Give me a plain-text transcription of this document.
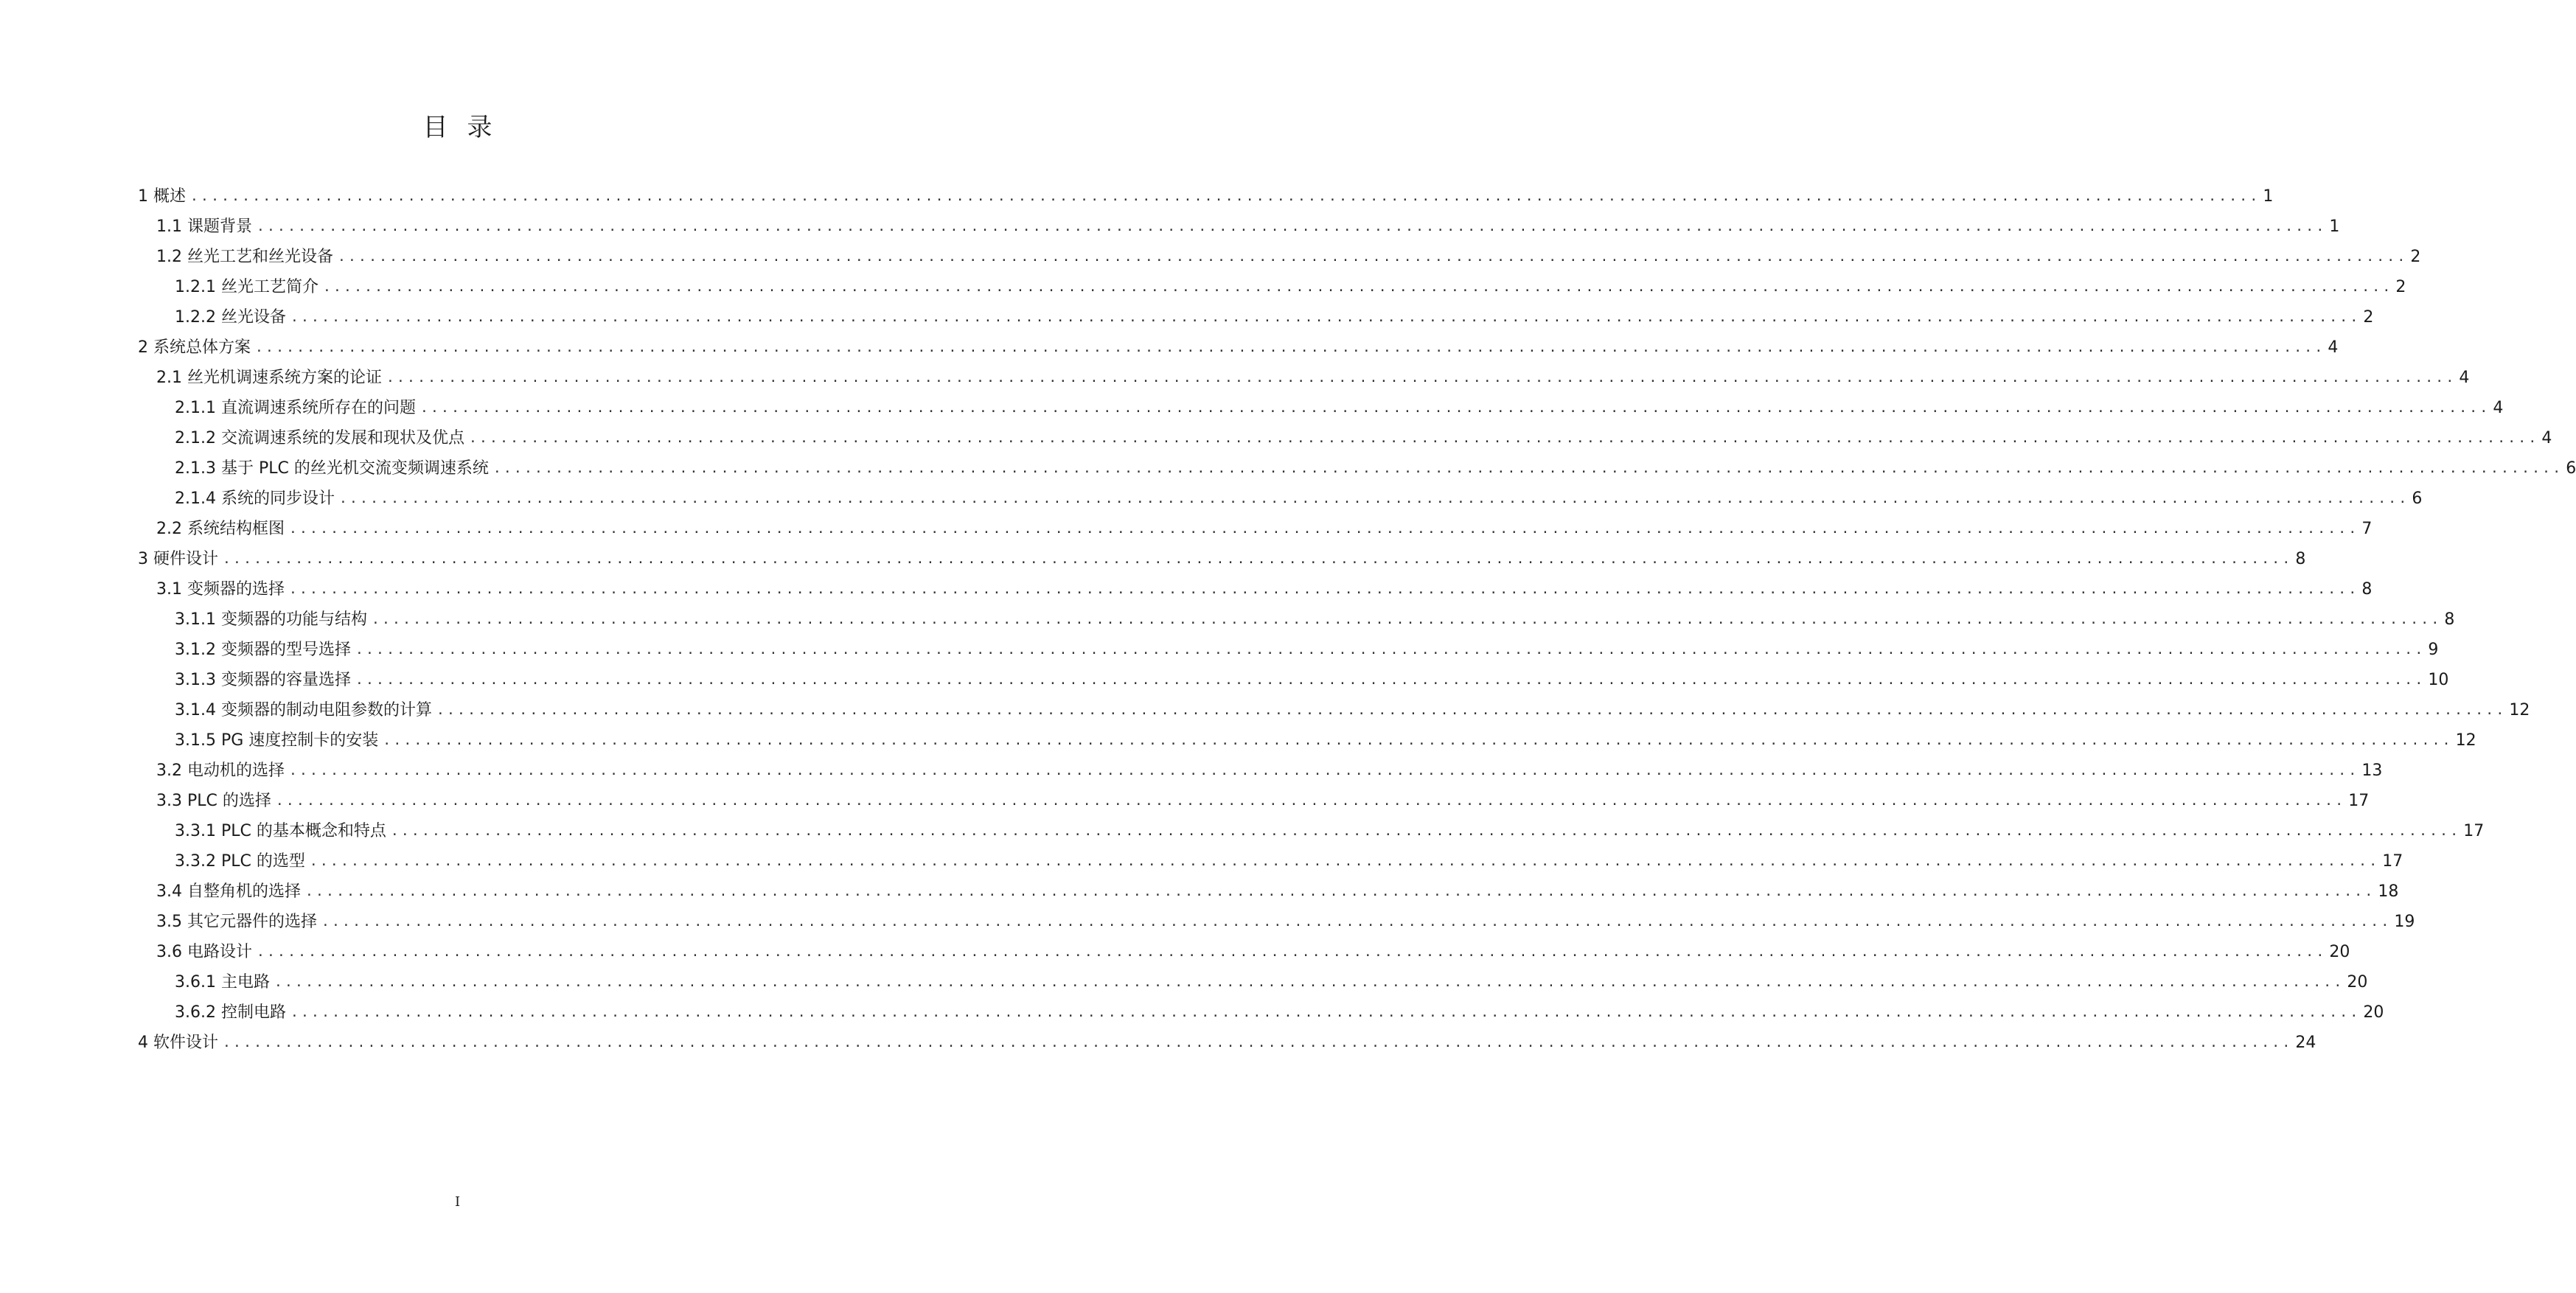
目录
1 概述 ........................................................................................................................................................................................................ 1
1.1 课题背景 ........................................................................................................................................................................................................ 1
1.2 丝光工艺和丝光设备 ........................................................................................................................................................................................................ 2
1.2.1 丝光工艺简介 ........................................................................................................................................................................................................ 2
1.2.2 丝光设备 ........................................................................................................................................................................................................ 2
2 系统总体方案 ........................................................................................................................................................................................................ 4
2.1 丝光机调速系统方案的论证 ........................................................................................................................................................................................................ 4
2.1.1 直流调速系统所存在的问题 ........................................................................................................................................................................................................ 4
2.1.2 交流调速系统的发展和现状及优点 ........................................................................................................................................................................................................ 4
2.1.3 基于 PLC 的丝光机交流变频调速系统 ........................................................................................................................................................................................................ 6
2.1.4 系统的同步设计 ........................................................................................................................................................................................................ 6
2.2 系统结构框图 ........................................................................................................................................................................................................ 7
3 硬件设计 ........................................................................................................................................................................................................ 8
3.1 变频器的选择 ........................................................................................................................................................................................................ 8
3.1.1 变频器的功能与结构 ........................................................................................................................................................................................................ 8
3.1.2 变频器的型号选择 ........................................................................................................................................................................................................ 9
3.1.3 变频器的容量选择 ........................................................................................................................................................................................................ 10
3.1.4 变频器的制动电阻参数的计算 ........................................................................................................................................................................................................ 12
3.1.5 PG 速度控制卡的安装 ........................................................................................................................................................................................................ 12
3.2 电动机的选择 ........................................................................................................................................................................................................ 13
3.3 PLC 的选择 ........................................................................................................................................................................................................ 17
3.3.1 PLC 的基本概念和特点 ........................................................................................................................................................................................................ 17
3.3.2 PLC 的选型 ........................................................................................................................................................................................................ 17
3.4 自整角机的选择 ........................................................................................................................................................................................................ 18
3.5 其它元器件的选择 ........................................................................................................................................................................................................ 19
3.6 电路设计 ........................................................................................................................................................................................................ 20
3.6.1 主电路 ........................................................................................................................................................................................................ 20
3.6.2 控制电路 ........................................................................................................................................................................................................ 20
4 软件设计 ........................................................................................................................................................................................................ 24
I
